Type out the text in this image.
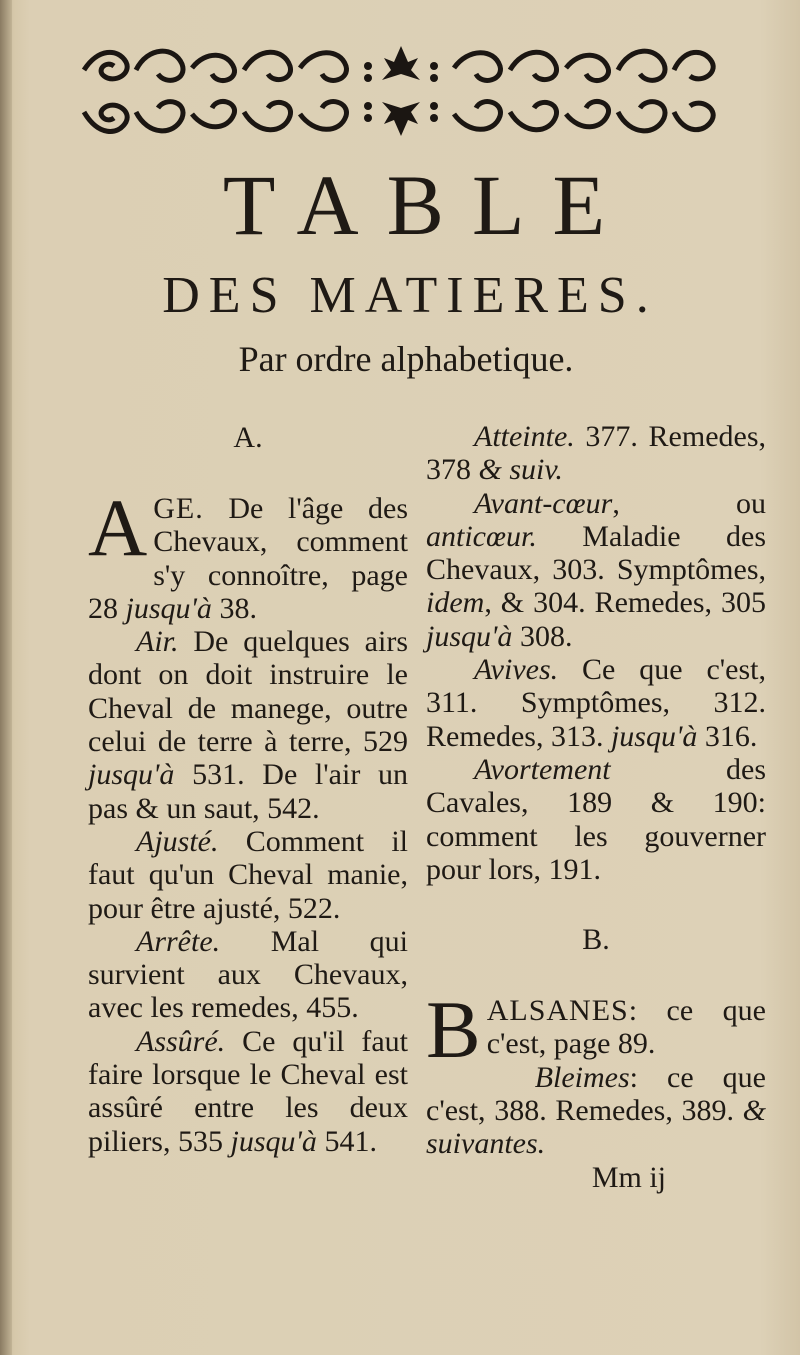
TABLE
DES MATIERES.
Par ordre alphabetique.
A.

AGE. De l'âge des Chevaux, comment s'y connoître, page 28 jusqu'à 38.

Air. De quelques airs dont on doit instruire le Cheval de manege, outre celui de terre à terre, 529 jusqu'à 531. De l'air un pas & un saut, 542.

Ajusté. Comment il faut qu'un Cheval manie, pour être ajusté, 522.

Arrête. Mal qui survient aux Chevaux, avec les remedes, 455.

Assûré. Ce qu'il faut faire lorsque le Cheval est assûré entre les deux piliers, 535 jusqu'à 541.

Atteinte. 377. Remedes, 378 & suiv.

Avant-cœur, ou anticœur. Maladie des Chevaux, 303. Symptômes, idem, & 304. Remedes, 305 jusqu'à 308.

Avives. Ce que c'est, 311. Symptômes, 312. Remedes, 313. jusqu'à 316.

Avortement des Cavales, 189 & 190: comment les gouverner pour lors, 191.

B.

BALSANES: ce que c'est, page 89.

Bleimes: ce que c'est, 388. Remedes, 389. & suivantes.

Mm ij
